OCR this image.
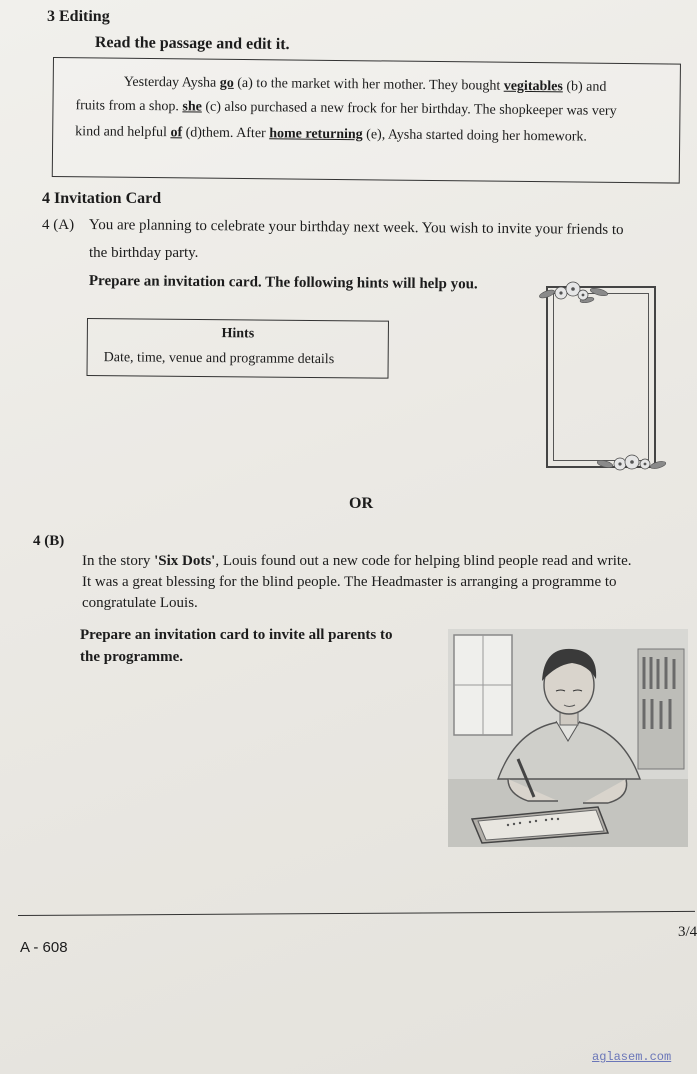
3 Editing
Read the passage and edit it.
Yesterday Aysha go (a) to the market with her mother. They bought vegitables (b) and
fruits from a shop. she (c) also purchased a new frock for her birthday. The shopkeeper was very
kind and helpful of (d)them. After home returning (e), Aysha started doing her homework.
4 Invitation Card
4 (A) You are planning to celebrate your birthday next week. You wish to invite your friends to
the birthday party.
Prepare an invitation card. The following hints will help you.
Hints
Date, time, venue and programme details
OR
4 (B)
In the story 'Six Dots', Louis found out a new code for helping blind people read and write.
It was a great blessing for the blind people. The Headmaster is arranging a programme to
congratulate Louis.
Prepare an invitation card to invite all parents to
the programme.
A - 608
3/4
aglasem.com
